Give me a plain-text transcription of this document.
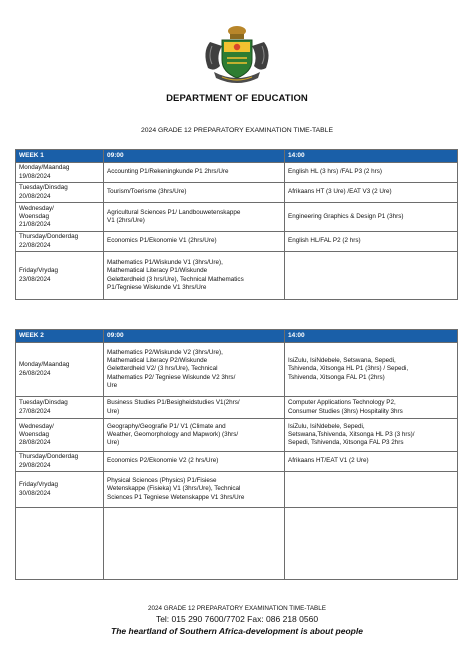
DEPARTMENT OF EDUCATION
2024 GRADE 12 PREPARATORY EXAMINATION TIME-TABLE
WEEK 1	09:00	14:00
Monday/Maandag
19/08/2024	Accounting P1/Rekeningkunde P1 2hrs/Ure	English HL (3 hrs) /FAL P3 (2 hrs)
Tuesday/Dinsdag
20/08/2024	Tourism/Toerisme (3hrs/Ure)	Afrikaans HT (3 Ure) /EAT V3 (2 Ure)
Wednesday/
Woensdag
21/08/2024	Agricultural Sciences P1/ Landbouwetenskappe
V1 (2hrs/Ure)	Engineering Graphics & Design P1 (3hrs)
Thursday/Donderdag
22/08/2024	Economics P1/Ekonomie V1 (2hrs/Ure)	English HL/FAL P2 (2 hrs)
Friday/Vrydag
23/08/2024	Mathematics P1/Wiskunde V1 (3hrs/Ure),
Mathematical Literacy P1/Wiskunde
Geletterdheid (3 hrs/Ure), Technical Mathematics
P1/Tegniese Wiskunde V1 3hrs/Ure	
WEEK 2	09:00	14:00
Monday/Maandag
26/08/2024	Mathematics P2/Wiskunde V2 (3hrs/Ure),
Mathematical Literacy P2/Wiskunde
Geletterdheid V2/ (3 hrs/Ure), Technical
Mathematics P2/ Tegniese Wiskunde V2 3hrs/
Ure	IsiZulu, IsiNdebele, Setswana, Sepedi,
Tshivenda, Xitsonga HL P1 (3hrs) / Sepedi,
Tshivenda, Xitsonga FAL P1 (2hrs)
Tuesday/Dinsdag
27/08/2024	Business Studies P1/Besigheidstudies V1(2hrs/
Ure)	Computer Applications Technology P2,
Consumer Studies (3hrs) Hospitality 3hrs
Wednesday/
Woensdag
28/08/2024	Geography/Geografie P1/ V1 (Climate and
Weather, Geomorphology and Mapwork) (3hrs/
Ure)	IsiZulu, IsiNdebele, Sepedi,
Setswana,Tshivenda, Xitsonga HL P3 (3 hrs)/
Sepedi, Tshivenda, Xitsonga FAL P3 2hrs
Thursday/Donderdag
29/08/2024	Economics P2/Ekonomie V2 (2 hrs/Ure)	Afrikaans HT/EAT V1 (2 Ure)
Friday/Vrydag
30/08/2024	Physical Sciences (Physics) P1/Fisiese
Wetenskappe (Fisieka) V1 (3hrs/Ure), Technical
Sciences P1 Tegniese Wetenskappe V1 3hrs/Ure	

2024 GRADE 12 PREPARATORY EXAMINATION TIME-TABLE
Tel: 015 290 7600/7702 Fax: 086 218 0560
The heartland of Southern Africa-development is about people
